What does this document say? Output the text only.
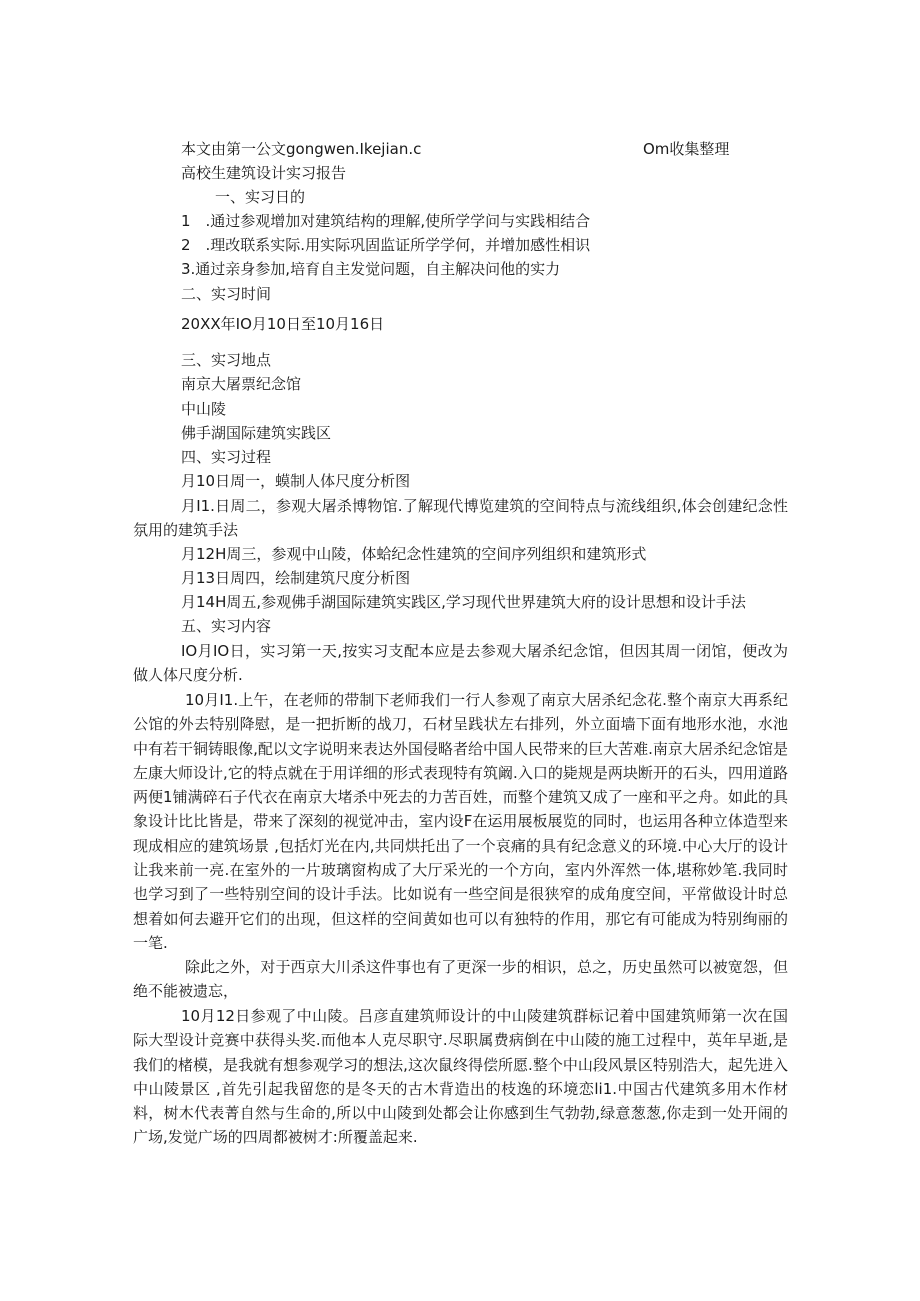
本文由第一公文gongwen.Ikejian.c	Om收集整理
高校生建筑设计实习报告
一、实习日的
1　.通过参观增加对建筑结构的理解,使所学学问与实践相结合
2　.理改联系实际.用实际巩固监证所学学何，并增加感性相识
3.通过亲身参加,培育自主发觉问题，自主解决问他的实力
二、实习时间
20XX年IO月10日至10月16日
三、实习地点
南京大屠票纪念馆
中山陵
佛手湖国际建筑实践区
四、实习过程
月10日周一，蟆制人体尺度分析图

月I1.日周二，参观大屠杀博物馆.了解现代博览建筑的空间特点与流线组织,体会创建纪念性氛用的建筑手法

月12H周三，参观中山陵，体蛤纪念性建筑的空间序列组织和建筑形式
月13日周四，绘制建筑尺度分析图
月14H周五,参观佛手湖国际建筑实践区,学习现代世界建筑大府的设计思想和设计手法
五、实习内容

IO月IO日，实习第一天,按实习支配本应是去参观大屠杀纪念馆，但因其周一闭馆，便改为做人体尺度分析.

10月I1.上午，在老师的带制下老师我们一行人参观了南京大居杀纪念花.整个南京大再系纪公馆的外去特别降慰，是一把折断的战刀，石材呈践状左右排列，外立面墙下面有地形水池，水池中有若干铜铸眼像,配以文字说明来表达外国侵略者给中国人民带来的巨大苦难.南京大居杀纪念馆是左康大师设计,它的特点就在于用详细的形式表现特有筑阚.入口的毙规是两块断开的石头，四用道路两便1铺满碎石子代衣在南京大堵杀中死去的力苦百姓，而整个建筑又成了一座和平之舟。如此的具象设计比比皆是，带来了深刻的视觉冲击，室内设F在运用展板展览的同时，也运用各种立体造型来现成相应的建筑场景 ,包括灯光在内,共同烘托出了一个哀痛的具有纪念意义的环境.中心大厅的设计让我来前一亮.在室外的一片玻璃窗构成了大厅采光的一个方向，室内外浑然一体,堪称妙笔.我同时也学习到了一些特别空间的设计手法。比如说有一些空间是很狭窄的成角度空间，平常做设计时总想着如何去避开它们的出现，但这样的空间黄如也可以有独特的作用，那它有可能成为特别绚丽的一笔.

除此之外，对于西京大川杀这件事也有了更深一步的相识，总之，历史虽然可以被宽怨，但绝不能被遗忘，

10月12日参观了中山陵。吕彦直建筑师设计的中山陵建筑群标记着中国建筑师第一次在国际大型设计竞赛中获得头奖.而他本人克尽职守.尽职属费病倒在中山陵的施工过程中，英年早逝,是我们的楮模，是我就有想参观学习的想法,这次鼠终得偿所愿.整个中山段风景区特别浩大，起先进入中山陵景区 ,首先引起我留您的是冬天的古木背造出的枝逸的环境恋li1.中国古代建筑多用木作材料，树木代表菁自然与生命的,所以中山陵到处都会让你感到生气勃勃,绿意葱葱,你走到一处开闹的广场,发觉广场的四周都被树才:所覆盖起来.
